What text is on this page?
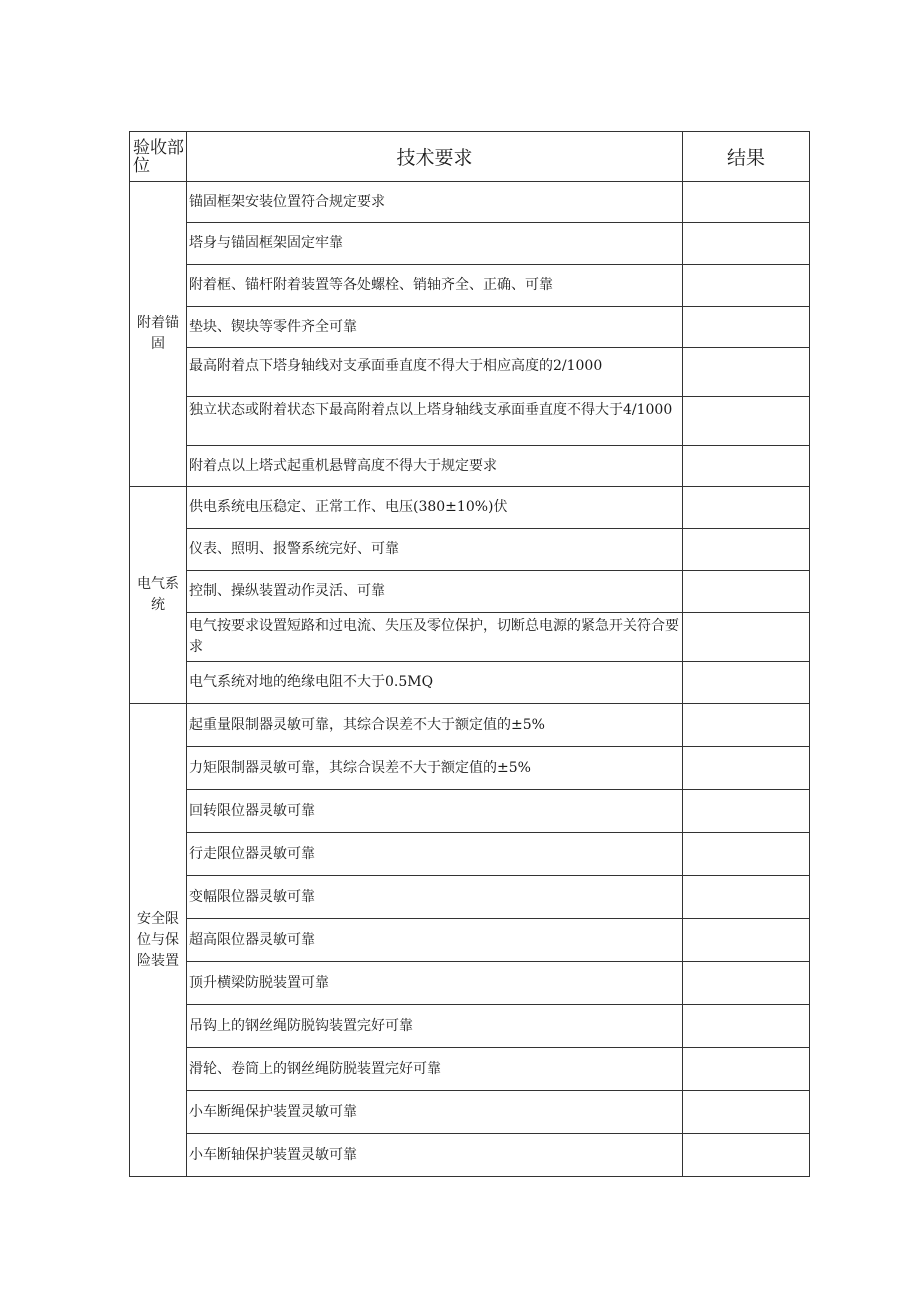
验收部位	技术要求	结果
附着锚固	锚固框架安装位置符合规定要求	
	塔身与锚固框架固定牢靠	
	附着框、锚杆附着装置等各处螺栓、销轴齐全、正确、可靠	
	垫块、锲块等零件齐全可靠	
	最高附着点下塔身轴线对支承面垂直度不得大于相应高度的2/1000	
	独立状态或附着状态下最高附着点以上塔身轴线支承面垂直度不得大于4/1000	
	附着点以上塔式起重机悬臂高度不得大于规定要求	
电气系统	供电系统电压稳定、正常工作、电压(380±10%)伏	
	仪表、照明、报警系统完好、可靠	
	控制、操纵装置动作灵活、可靠	
	电气按要求设置短路和过电流、失压及零位保护，切断总电源的紧急开关符合要求	
	电气系统对地的绝缘电阻不大于0.5MQ	
安全限位与保险装置	起重量限制器灵敏可靠，其综合误差不大于额定值的±5%	
	力矩限制器灵敏可靠，其综合误差不大于额定值的±5%	
	回转限位器灵敏可靠	
	行走限位器灵敏可靠	
	变幅限位器灵敏可靠	
	超高限位器灵敏可靠	
	顶升横梁防脱装置可靠	
	吊钩上的钢丝绳防脱钩装置完好可靠	
	滑轮、卷筒上的钢丝绳防脱装置完好可靠	
	小车断绳保护装置灵敏可靠	
	小车断轴保护装置灵敏可靠	
